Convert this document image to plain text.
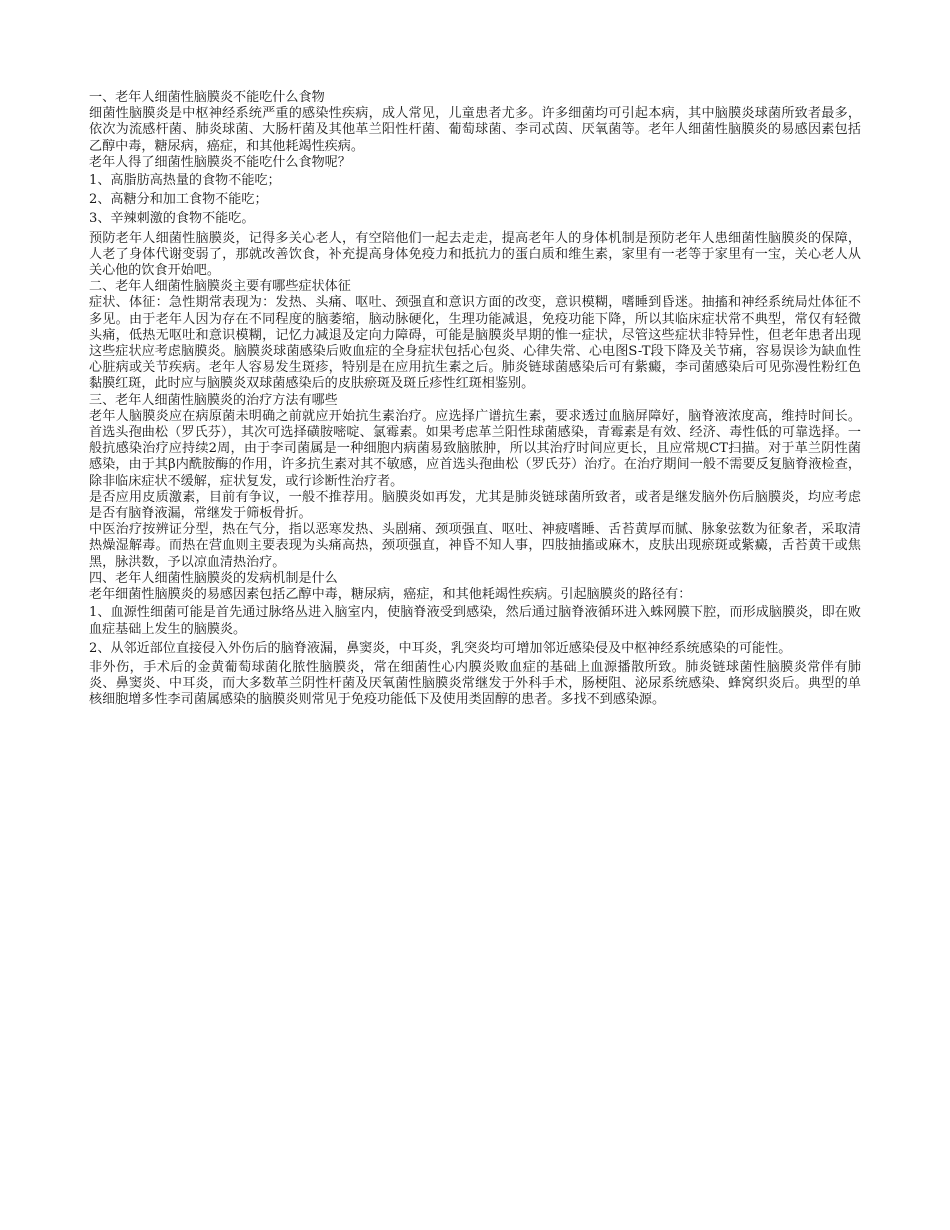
一、老年人细菌性脑膜炎不能吃什么食物

细菌性脑膜炎是中枢神经系统严重的感染性疾病，成人常见，儿童患者尤多。许多细菌均可引起本病，其中脑膜炎球菌所致者最多，依次为流感杆菌、肺炎球菌、大肠杆菌及其他革兰阳性杆菌、葡萄球菌、李司忒茵、厌氧菌等。老年人细菌性脑膜炎的易感因素包括乙醇中毒，糖尿病，癌症，和其他耗竭性疾病。

老年人得了细菌性脑膜炎不能吃什么食物呢？

1、高脂肪高热量的食物不能吃；

2、高糖分和加工食物不能吃；

3、辛辣刺激的食物不能吃。

预防老年人细菌性脑膜炎，记得多关心老人，有空陪他们一起去走走，提高老年人的身体机制是预防老年人患细菌性脑膜炎的保障，人老了身体代谢变弱了，那就改善饮食，补充提高身体免疫力和抵抗力的蛋白质和维生素，家里有一老等于家里有一宝，关心老人从关心他的饮食开始吧。

二、老年人细菌性脑膜炎主要有哪些症状体征

症状、体征：急性期常表现为：发热、头痛、呕吐、颈强直和意识方面的改变，意识模糊，嗜睡到昏迷。抽搐和神经系统局灶体征不多见。由于老年人因为存在不同程度的脑萎缩，脑动脉硬化，生理功能减退，免疫功能下降，所以其临床症状常不典型，常仅有轻微头痛，低热无呕吐和意识模糊，记忆力减退及定向力障碍，可能是脑膜炎早期的惟一症状，尽管这些症状非特异性，但老年患者出现这些症状应考虑脑膜炎。脑膜炎球菌感染后败血症的全身症状包括心包炎、心律失常、心电图S-T段下降及关节痛，容易误诊为缺血性心脏病或关节疾病。老年人容易发生斑疹，特别是在应用抗生素之后。肺炎链球菌感染后可有紫癜，李司菌感染后可见弥漫性粉红色黏膜红斑，此时应与脑膜炎双球菌感染后的皮肤瘀斑及斑丘疹性红斑相鉴别。

三、老年人细菌性脑膜炎的治疗方法有哪些

老年人脑膜炎应在病原菌未明确之前就应开始抗生素治疗。应选择广谱抗生素，要求透过血脑屏障好，脑脊液浓度高，维持时间长。首选头孢曲松（罗氏芬），其次可选择磺胺嘧啶、氯霉素。如果考虑革兰阳性球菌感染，青霉素是有效、经济、毒性低的可靠选择。一般抗感染治疗应持续2周，由于李司菌属是一种细胞内病菌易致脑脓肿，所以其治疗时间应更长，且应常规CT扫描。对于革兰阴性菌感染，由于其β内酰胺酶的作用，许多抗生素对其不敏感，应首选头孢曲松（罗氏芬）治疗。在治疗期间一般不需要反复脑脊液检查，除非临床症状不缓解，症状复发，或行诊断性治疗者。

是否应用皮质激素，目前有争议，一般不推荐用。脑膜炎如再发，尤其是肺炎链球菌所致者，或者是继发脑外伤后脑膜炎，均应考虑是否有脑脊液漏，常继发于筛板骨折。

中医治疗按辨证分型，热在气分，指以恶寒发热、头剧痛、颈项强直、呕吐、神疲嗜睡、舌苔黄厚而腻、脉象弦数为征象者，采取清热燥湿解毒。而热在营血则主要表现为头痛高热，颈项强直，神昏不知人事，四肢抽搐或麻木，皮肤出现瘀斑或紫癜，舌苔黄干或焦黑，脉洪数，予以凉血清热治疗。

四、老年人细菌性脑膜炎的发病机制是什么

老年细菌性脑膜炎的易感因素包括乙醇中毒，糖尿病，癌症，和其他耗竭性疾病。引起脑膜炎的路径有：

1、血源性细菌可能是首先通过脉络丛进入脑室内，使脑脊液受到感染，然后通过脑脊液循环进入蛛网膜下腔，而形成脑膜炎，即在败血症基础上发生的脑膜炎。

2、从邻近部位直接侵入外伤后的脑脊液漏，鼻窦炎，中耳炎，乳突炎均可增加邻近感染侵及中枢神经系统感染的可能性。

非外伤，手术后的金黄葡萄球菌化脓性脑膜炎，常在细菌性心内膜炎败血症的基础上血源播散所致。肺炎链球菌性脑膜炎常伴有肺炎、鼻窦炎、中耳炎，而大多数革兰阴性杆菌及厌氧菌性脑膜炎常继发于外科手术，肠梗阻、泌尿系统感染、蜂窝织炎后。典型的单核细胞增多性李司菌属感染的脑膜炎则常见于免疫功能低下及使用类固醇的患者。多找不到感染源。
